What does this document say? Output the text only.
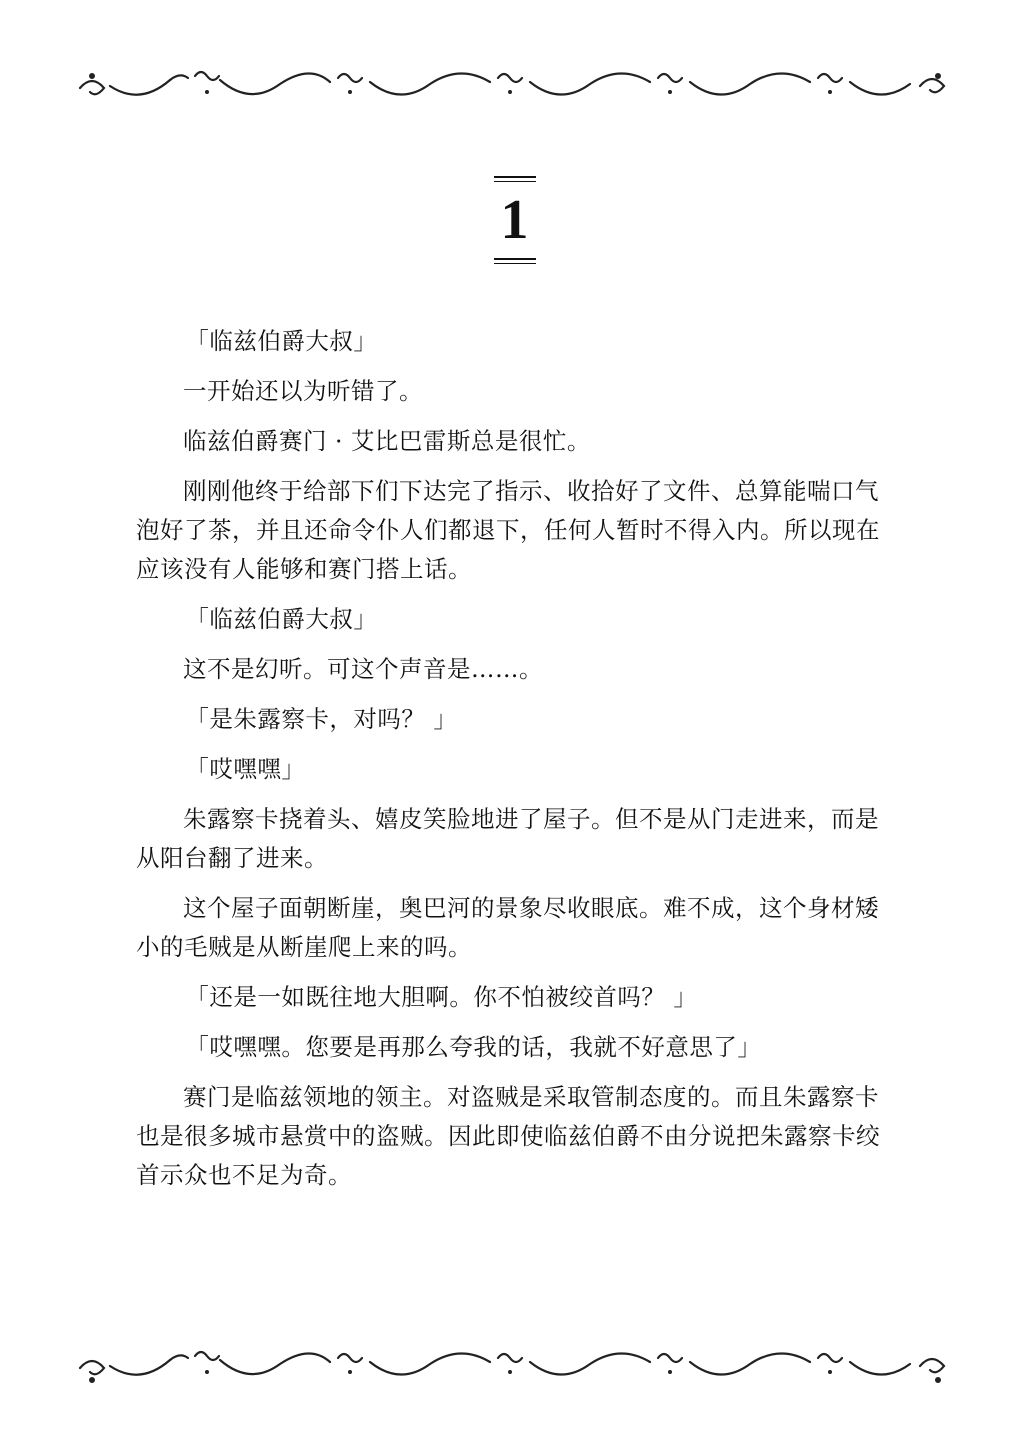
1

「临兹伯爵大叔」

一开始还以为听错了。

临兹伯爵赛门 · 艾比巴雷斯总是很忙。

刚刚他终于给部下们下达完了指示、收拾好了文件、总算能喘口气泡好了茶，并且还命令仆人们都退下，任何人暂时不得入内。所以现在应该没有人能够和赛门搭上话。

「临兹伯爵大叔」

这不是幻听。可这个声音是……。

「是朱露察卡，对吗？ 」

「哎嘿嘿」

朱露察卡挠着头、嬉皮笑脸地进了屋子。但不是从门走进来，而是从阳台翻了进来。

这个屋子面朝断崖，奥巴河的景象尽收眼底。难不成，这个身材矮小的毛贼是从断崖爬上来的吗。

「还是一如既往地大胆啊。你不怕被绞首吗？ 」

「哎嘿嘿。您要是再那么夸我的话，我就不好意思了」

赛门是临兹领地的领主。对盗贼是采取管制态度的。而且朱露察卡也是很多城市悬赏中的盗贼。因此即使临兹伯爵不由分说把朱露察卡绞首示众也不足为奇。
